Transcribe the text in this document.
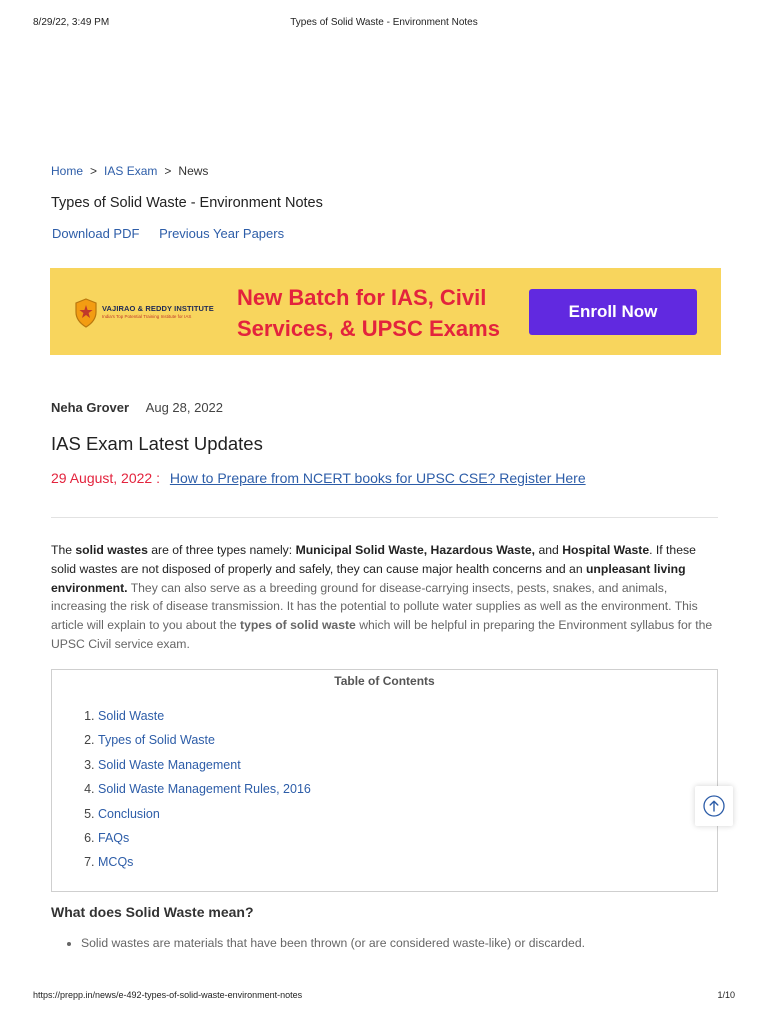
8/29/22, 3:49 PM	Types of Solid Waste - Environment Notes
Home > IAS Exam > News
Types of Solid Waste - Environment Notes
Download PDF Previous Year Papers
VAJIRAO & REDDY INSTITUTE
India's Top Potential Training Institute for IAS
New Batch for IAS, Civil Services, & UPSC Exams
Enroll Now
Neha Grover Aug 28, 2022
IAS Exam Latest Updates
29 August, 2022 : How to Prepare from NCERT books for UPSC CSE? Register Here

The solid wastes are of three types namely: Municipal Solid Waste, Hazardous Waste, and Hospital Waste. If these solid wastes are not disposed of properly and safely, they can cause major health concerns and an unpleasant living environment. They can also serve as a breeding ground for disease-carrying insects, pests, snakes, and animals, increasing the risk of disease transmission. It has the potential to pollute water supplies as well as the environment. This article will explain to you about the types of solid waste which will be helpful in preparing the Environment syllabus for the UPSC Civil service exam.

Table of Contents
1. Solid Waste
2. Types of Solid Waste
3. Solid Waste Management
4. Solid Waste Management Rules, 2016
5. Conclusion
6. FAQs
7. MCQs
What does Solid Waste mean?
• Solid wastes are materials that have been thrown (or are considered waste-like) or discarded.
https://prepp.in/news/e-492-types-of-solid-waste-environment-notes	1/10
